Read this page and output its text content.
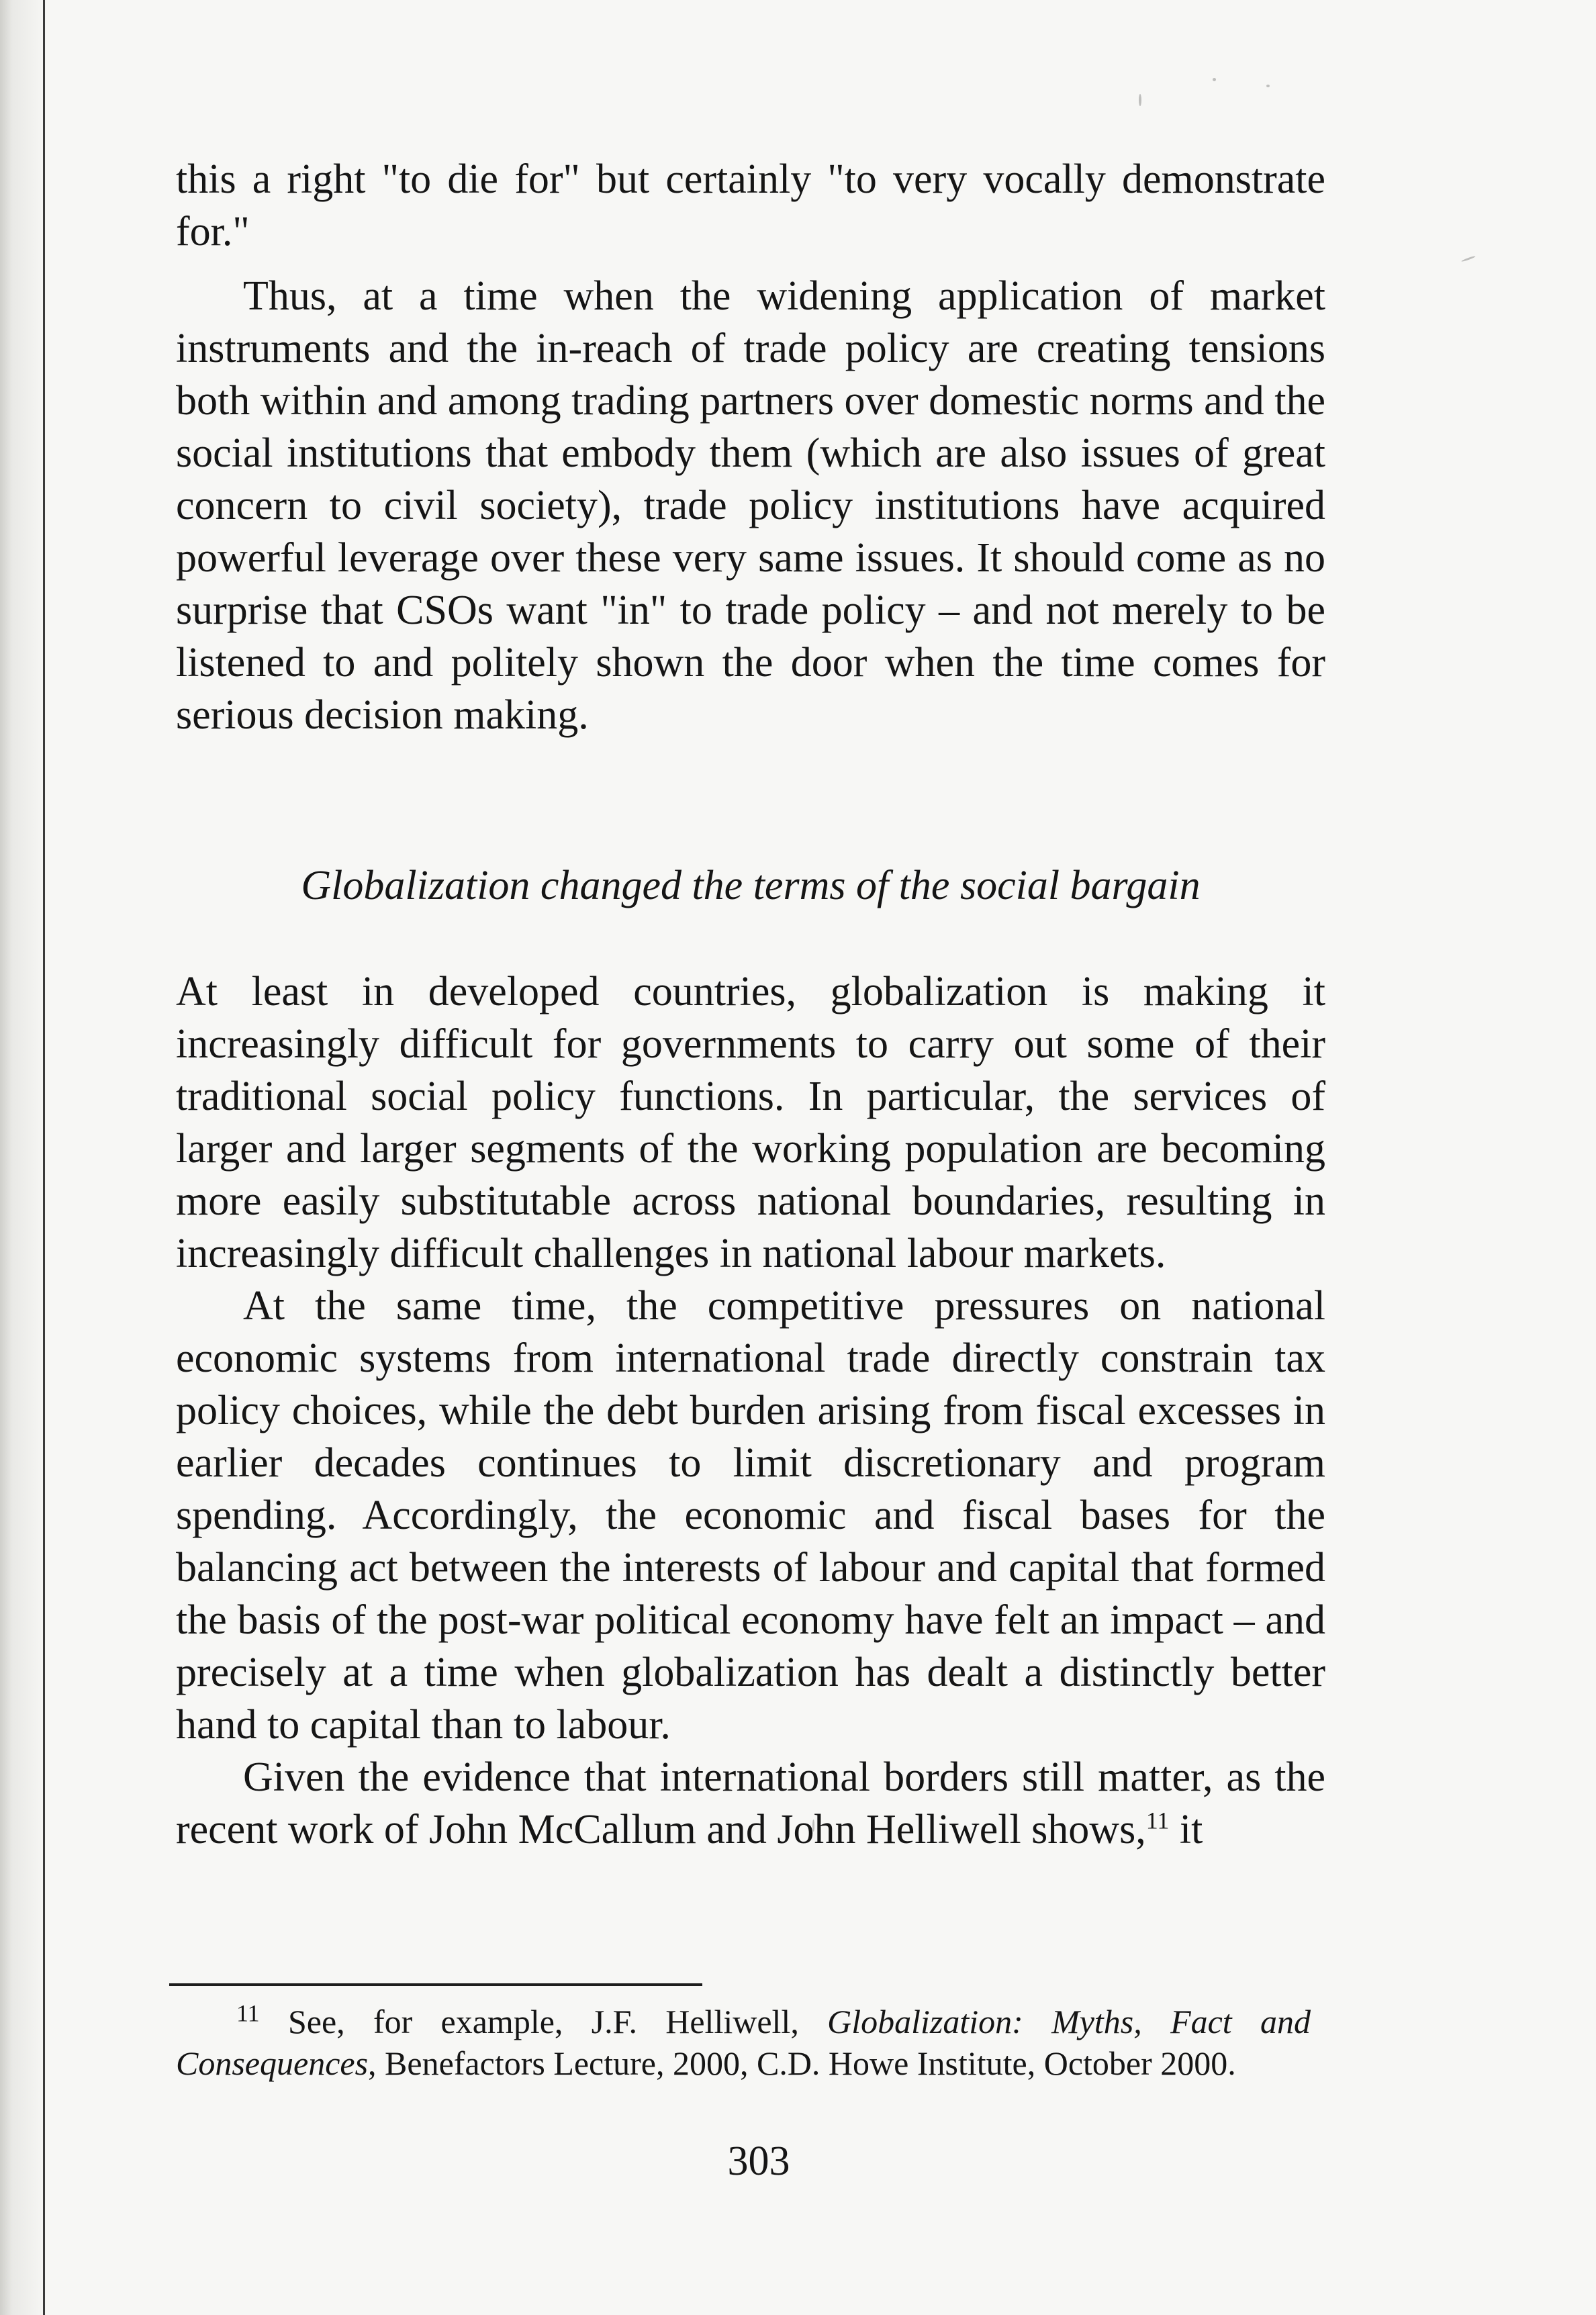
this a right "to die for" but certainly "to very vocally demonstrate for."

Thus, at a time when the widening application of market instruments and the in-reach of trade policy are creating tensions both within and among trading partners over domestic norms and the social institutions that embody them (which are also issues of great concern to civil society), trade policy institutions have acquired powerful leverage over these very same issues. It should come as no surprise that CSOs want "in" to trade policy – and not merely to be listened to and politely shown the door when the time comes for serious decision making.

Globalization changed the terms of the social bargain

At least in developed countries, globalization is making it increasingly difficult for governments to carry out some of their traditional social policy functions. In particular, the services of larger and larger segments of the working population are becoming more easily substitutable across national boundaries, resulting in increasingly difficult challenges in national labour markets.

At the same time, the competitive pressures on national economic systems from international trade directly constrain tax policy choices, while the debt burden arising from fiscal excesses in earlier decades continues to limit discretionary and program spending. Accordingly, the economic and fiscal bases for the balancing act between the interests of labour and capital that formed the basis of the post-war political economy have felt an impact – and precisely at a time when globalization has dealt a distinctly better hand to capital than to labour.

Given the evidence that international borders still matter, as the recent work of John McCallum and John Helliwell shows,$^{11}$ it

$^{11}$ See, for example, J.F. Helliwell, Globalization: Myths, Fact and Consequences, Benefactors Lecture, 2000, C.D. Howe Institute, October 2000.

303
